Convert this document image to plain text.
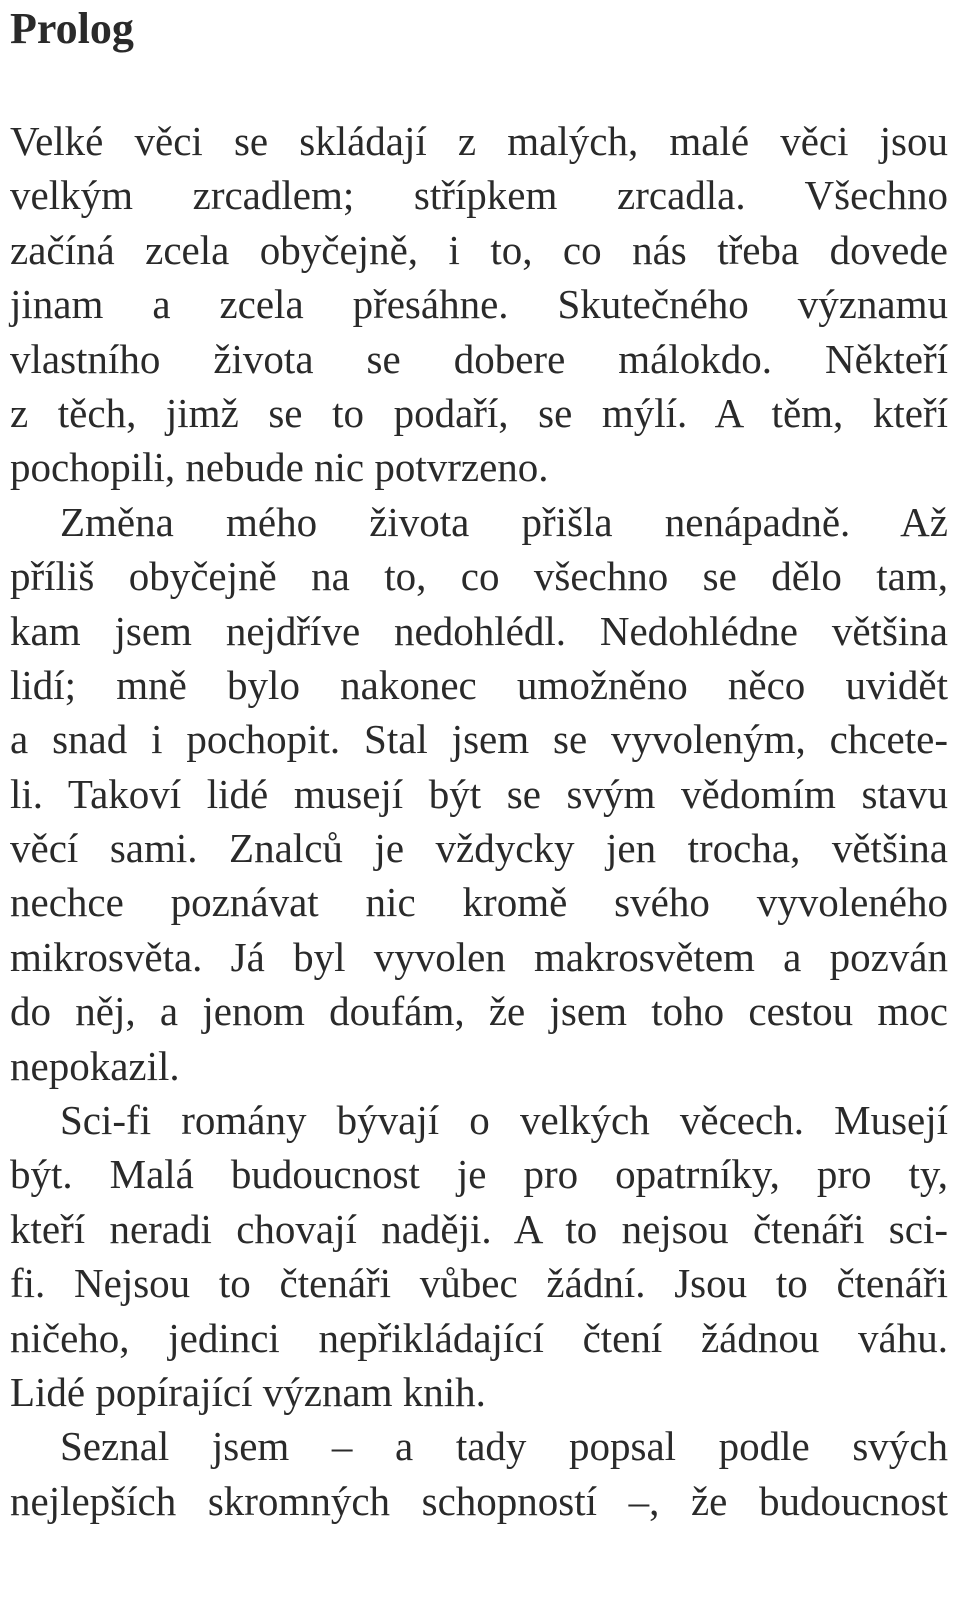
Prolog
Velké věci se skládají z malých, malé věci jsou
velkým zrcadlem; střípkem zrcadla. Všechno
začíná zcela obyčejně, i to, co nás třeba dovede
jinam a zcela přesáhne. Skutečného významu
vlastního života se dobere málokdo. Někteří
z těch, jimž se to podaří, se mýlí. A těm, kteří
pochopili, nebude nic potvrzeno.
Změna mého života přišla nenápadně. Až
příliš obyčejně na to, co všechno se dělo tam,
kam jsem nejdříve nedohlédl. Nedohlédne většina
lidí; mně bylo nakonec umožněno něco uvidět
a snad i pochopit. Stal jsem se vyvoleným, chcete-
li. Takoví lidé musejí být se svým vědomím stavu
věcí sami. Znalců je vždycky jen trocha, většina
nechce poznávat nic kromě svého vyvoleného
mikrosvěta. Já byl vyvolen makrosvětem a pozván
do něj, a jenom doufám, že jsem toho cestou moc
nepokazil.
Sci-fi romány bývají o velkých věcech. Musejí
být. Malá budoucnost je pro opatrníky, pro ty,
kteří neradi chovají naději. A to nejsou čtenáři sci-
fi. Nejsou to čtenáři vůbec žádní. Jsou to čtenáři
ničeho, jedinci nepřikládající čtení žádnou váhu.
Lidé popírající význam knih.
Seznal jsem – a tady popsal podle svých
nejlepších skromných schopností –, že budoucnost
